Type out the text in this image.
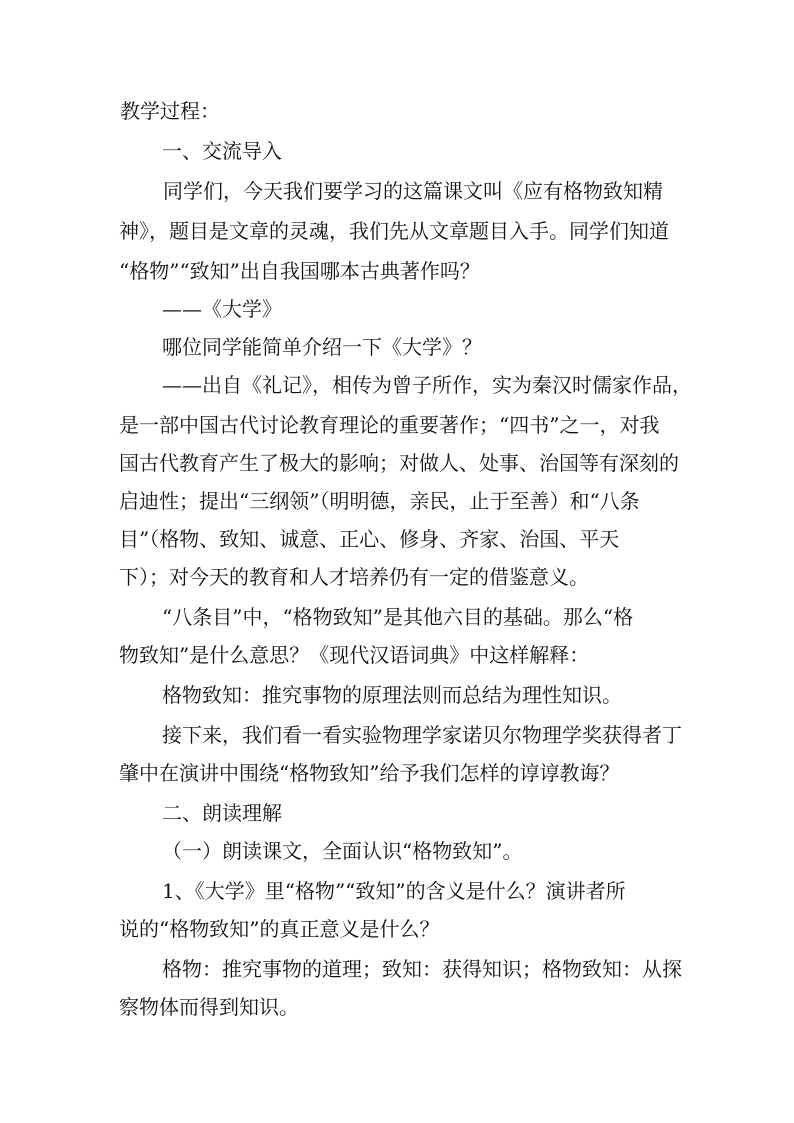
教学过程：

一、交流导入

同学们，今天我们要学习的这篇课文叫《应有格物致知精

神》，题目是文章的灵魂，我们先从文章题目入手。同学们知道

“格物”“致知”出自我国哪本古典著作吗？

——《大学》

哪位同学能简单介绍一下《大学》？

——出自《礼记》，相传为曾子所作，实为秦汉时儒家作品，

是一部中国古代讨论教育理论的重要著作；“四书”之一，对我

国古代教育产生了极大的影响；对做人、处事、治国等有深刻的

启迪性；提出“三纲领”（明明德，亲民，止于至善）和“八条

目”（格物、致知、诚意、正心、修身、齐家、治国、平天

下）；对今天的教育和人才培养仍有一定的借鉴意义。

“八条目”中，“格物致知”是其他六目的基础。那么“格

物致知”是什么意思？《现代汉语词典》中这样解释：

格物致知：推究事物的原理法则而总结为理性知识。

接下来，我们看一看实验物理学家诺贝尔物理学奖获得者丁

肇中在演讲中围绕“格物致知”给予我们怎样的谆谆教诲？

二、朗读理解

（一）朗读课文，全面认识“格物致知”。

1、《大学》里“格物”“致知”的含义是什么？演讲者所

说的“格物致知”的真正意义是什么？

格物：推究事物的道理；致知：获得知识；格物致知：从探

察物体而得到知识。
